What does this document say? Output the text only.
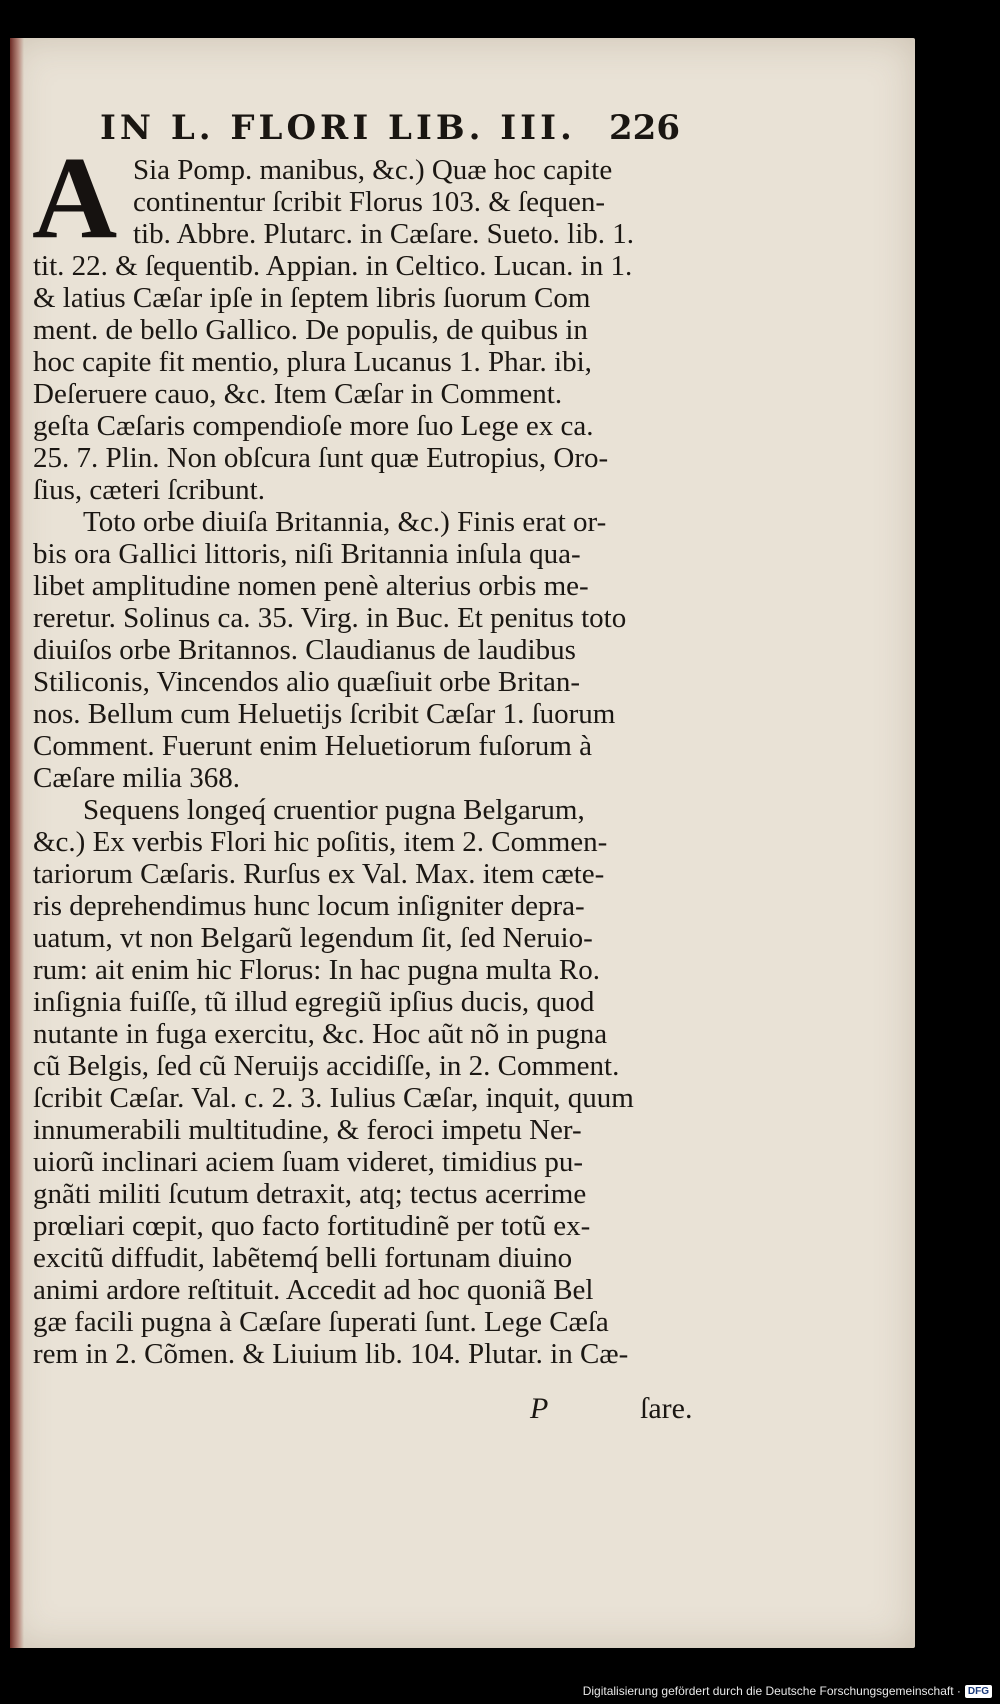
IN L. FLORI LIB. III. 226
A Sia Pomp. manibus, &c.) Quæ hoc capite
continentur ſcribit Florus 103. & ſequen-
tib. Abbre. Plutarc. in Cæſare. Sueto. lib. 1.
tit. 22. & ſequentib. Appian. in Celtico. Lucan. in 1.
& latius Cæſar ipſe in ſeptem libris ſuorum Com
ment. de bello Gallico. De populis, de quibus in
hoc capite fit mentio, plura Lucanus 1. Phar. ibi,
Deſeruere cauo, &c. Item Cæſar in Comment.
geſta Cæſaris compendioſe more ſuo Lege ex ca.
25. 7. Plin. Non obſcura ſunt quæ Eutropius, Oro-
ſius, cæteri ſcribunt.
Toto orbe diuiſa Britannia, &c.) Finis erat or-
bis ora Gallici littoris, niſi Britannia inſula qua-
libet amplitudine nomen penè alterius orbis me-
reretur. Solinus ca. 35. Virg. in Buc. Et penitus toto
diuiſos orbe Britannos. Claudianus de laudibus
Stiliconis, Vincendos alio quæſiuit orbe Britan-
nos. Bellum cum Heluetijs ſcribit Cæſar 1. ſuorum
Comment. Fuerunt enim Heluetiorum fuſorum à
Cæſare milia 368.
Sequens longeq́ cruentior pugna Belgarum,
&c.) Ex verbis Flori hic poſitis, item 2. Commen-
tariorum Cæſaris. Rurſus ex Val. Max. item cæte-
ris deprehendimus hunc locum inſigniter depra-
uatum, vt non Belgarũ legendum ſit, ſed Neruio-
rum: ait enim hic Florus: In hac pugna multa Ro.
inſignia fuiſſe, tũ illud egregiũ ipſius ducis, quod
nutante in fuga exercitu, &c. Hoc aũt nõ in pugna
cũ Belgis, ſed cũ Neruijs accidiſſe, in 2. Comment.
ſcribit Cæſar. Val. c. 2. 3. Iulius Cæſar, inquit, quum
innumerabili multitudine, & feroci impetu Ner-
uiorũ inclinari aciem ſuam videret, timidius pu-
gnãti militi ſcutum detraxit, atq; tectus acerrime
prœliari cœpit, quo facto fortitudinẽ per totũ ex-
excitũ diffudit, labẽtemq́ belli fortunam diuino
animi ardore reſtituit. Accedit ad hoc quoniã Bel
gæ facili pugna à Cæſare ſuperati ſunt. Lege Cæſa
rem in 2. Cõmen. & Liuium lib. 104. Plutar. in Cæ-
P	ſare.
Digitalisierung gefördert durch die Deutsche Forschungsgemeinschaft · DFG
